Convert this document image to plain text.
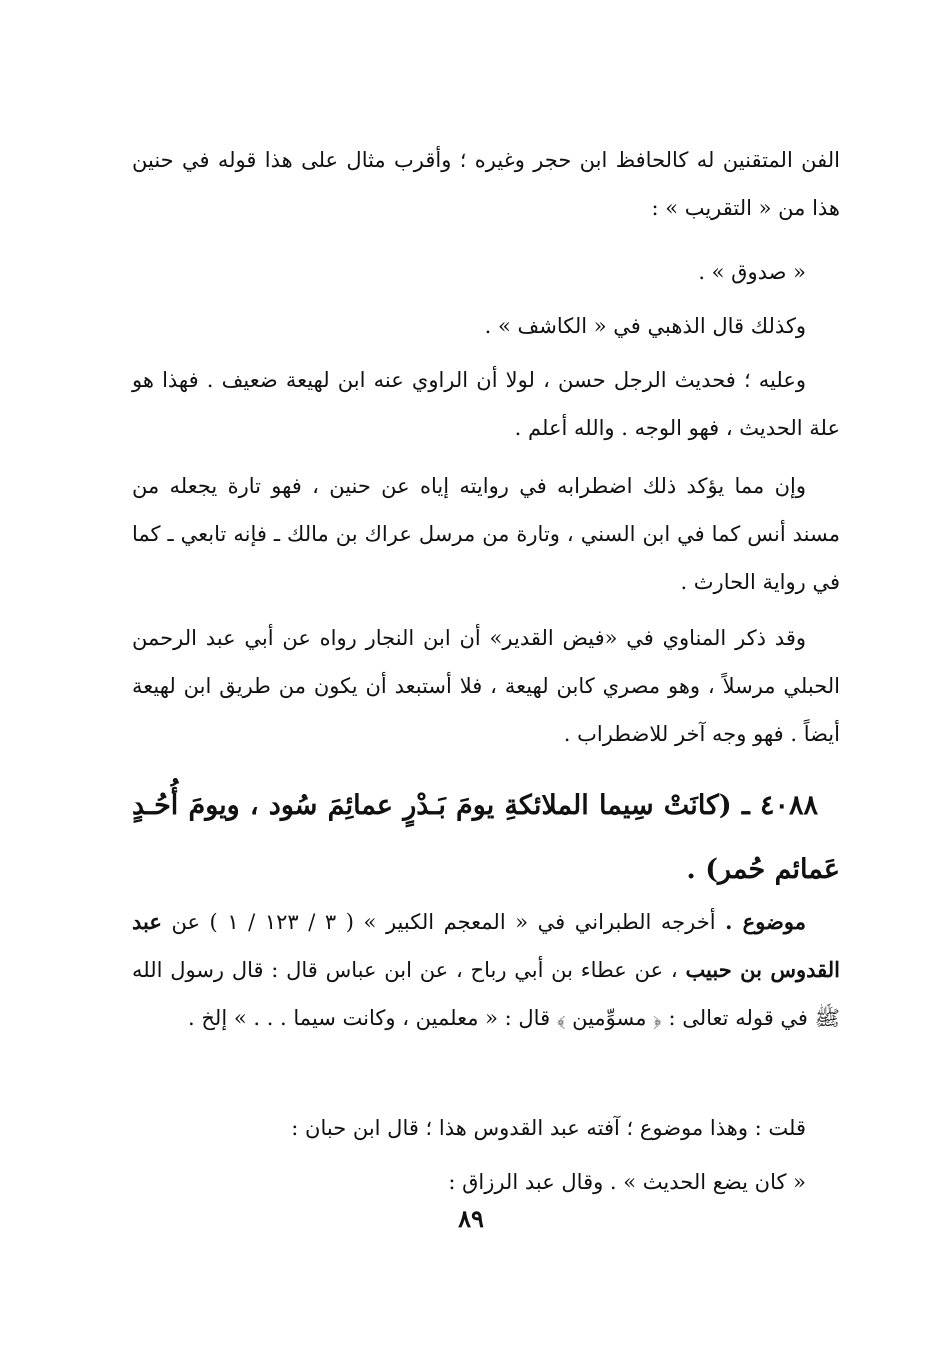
الفن المتقنين له كالحافظ ابن حجر وغيره ؛ وأقرب مثال على هذا قوله في حنين هذا من « التقريب » :

« صدوق » .

وكذلك قال الذهبي في « الكاشف » .

وعليه ؛ فحديث الرجل حسن ، لولا أن الراوي عنه ابن لهيعة ضعيف . فهذا هو علة الحديث ، فهو الوجه . والله أعلم .

وإن مما يؤكد ذلك اضطرابه في روايته إياه عن حنين ، فهو تارة يجعله من مسند أنس كما في ابن السني ، وتارة من مرسل عراك بن مالك ـ فإنه تابعي ـ كما في رواية الحارث .

وقد ذكر المناوي في «فيض القدير» أن ابن النجار رواه عن أبي عبد الرحمن الحبلي مرسلاً ، وهو مصري كابن لهيعة ، فلا أستبعد أن يكون من طريق ابن لهيعة أيضاً . فهو وجه آخر للاضطراب .

٤٠٨٨ ـ (كانَتْ سِيما الملائكةِ يومَ بَـدْرٍ عمائِمَ سُود ، ويومَ أُحُـدٍ عَمائم حُمر) .

موضوع . أخرجه الطبراني في « المعجم الكبير » ( ٣ / ١٢٣ / ١ ) عن عبد القدوس بن حبيب ، عن عطاء بن أبي رباح ، عن ابن عباس قال : قال رسول الله ﷺ في قوله تعالى : ﴿ مسوِّمين ﴾ قال : « معلمين ، وكانت سيما . . . » إلخ .

قلت : وهذا موضوع ؛ آفته عبد القدوس هذا ؛ قال ابن حبان :

« كان يضع الحديث » . وقال عبد الرزاق :

٨٩
